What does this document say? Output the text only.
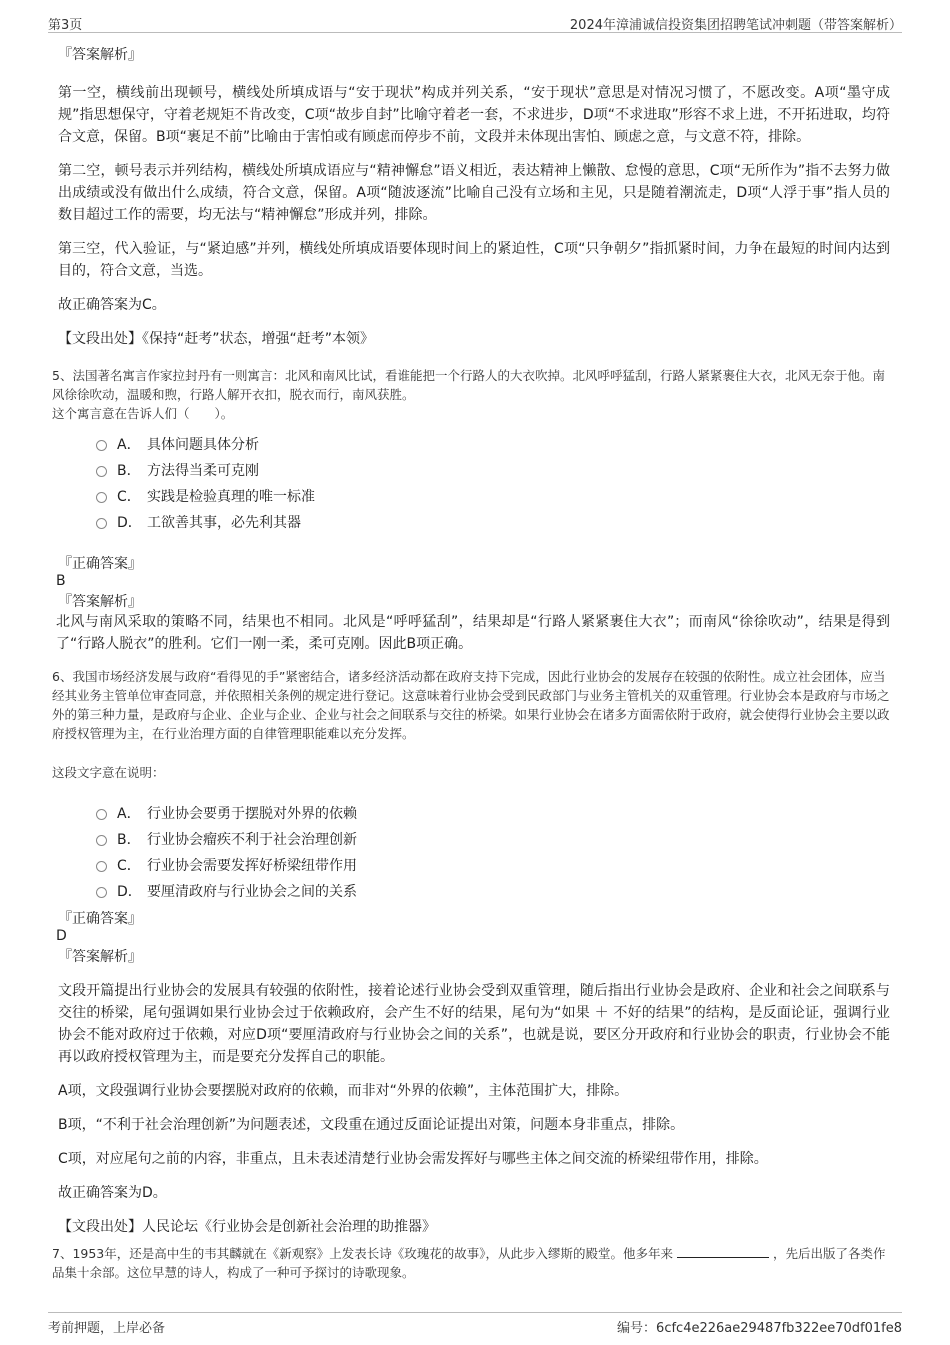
第3页	2024年漳浦诚信投资集团招聘笔试冲刺题（带答案解析）
『答案解析』

第一空，横线前出现顿号，横线处所填成语与“安于现状”构成并列关系，“安于现状”意思是对情况习惯了，不愿改变。A项“墨守成规”指思想保守，守着老规矩不肯改变，C项“故步自封”比喻守着老一套，不求进步，D项“不求进取”形容不求上进，不开拓进取，均符合文意，保留。B项“裹足不前”比喻由于害怕或有顾虑而停步不前，文段并未体现出害怕、顾虑之意，与文意不符，排除。

第二空，顿号表示并列结构，横线处所填成语应与“精神懈怠”语义相近，表达精神上懒散、怠慢的意思，C项“无所作为”指不去努力做出成绩或没有做出什么成绩，符合文意，保留。A项“随波逐流”比喻自己没有立场和主见，只是随着潮流走，D项“人浮于事”指人员的数目超过工作的需要，均无法与“精神懈怠”形成并列，排除。

第三空，代入验证，与“紧迫感”并列，横线处所填成语要体现时间上的紧迫性，C项“只争朝夕”指抓紧时间，力争在最短的时间内达到目的，符合文意，当选。

故正确答案为C。

【文段出处】《保持“赶考”状态，增强“赶考”本领》
5、法国著名寓言作家拉封丹有一则寓言：北风和南风比试，看谁能把一个行路人的大衣吹掉。北风呼呼猛刮，行路人紧紧裹住大衣，北风无奈于他。南风徐徐吹动，温暖和煦，行路人解开衣扣，脱衣而行，南风获胜。
这个寓言意在告诉人们（　　）。
A． 具体问题具体分析
B． 方法得当柔可克刚
C． 实践是检验真理的唯一标准
D． 工欲善其事，必先利其器
『正确答案』
B
『答案解析』

北风与南风采取的策略不同，结果也不相同。北风是“呼呼猛刮”，结果却是“行路人紧紧裹住大衣”；而南风“徐徐吹动”，结果是得到了“行路人脱衣”的胜利。它们一刚一柔，柔可克刚。因此B项正确。

6、我国市场经济发展与政府“看得见的手”紧密结合，诸多经济活动都在政府支持下完成，因此行业协会的发展存在较强的依附性。成立社会团体，应当经其业务主管单位审查同意，并依照相关条例的规定进行登记。这意味着行业协会受到民政部门与业务主管机关的双重管理。行业协会本是政府与市场之外的第三种力量，是政府与企业、企业与企业、企业与社会之间联系与交往的桥梁。如果行业协会在诸多方面需依附于政府，就会使得行业协会主要以政府授权管理为主，在行业治理方面的自律管理职能难以充分发挥。
这段文字意在说明：
A． 行业协会要勇于摆脱对外界的依赖
B． 行业协会瘤疾不利于社会治理创新
C． 行业协会需要发挥好桥梁纽带作用
D． 要厘清政府与行业协会之间的关系
『正确答案』
D
『答案解析』

文段开篇提出行业协会的发展具有较强的依附性，接着论述行业协会受到双重管理，随后指出行业协会是政府、企业和社会之间联系与交往的桥梁，尾句强调如果行业协会过于依赖政府，会产生不好的结果，尾句为“如果 ＋ 不好的结果”的结构，是反面论证，强调行业协会不能对政府过于依赖，对应D项“要厘清政府与行业协会之间的关系”，也就是说，要区分开政府和行业协会的职责，行业协会不能再以政府授权管理为主，而是要充分发挥自己的职能。

A项，文段强调行业协会要摆脱对政府的依赖，而非对“外界的依赖”，主体范围扩大，排除。

B项，“不利于社会治理创新”为问题表述，文段重在通过反面论证提出对策，问题本身非重点，排除。

C项，对应尾句之前的内容，非重点，且未表述清楚行业协会需发挥好与哪些主体之间交流的桥梁纽带作用，排除。

故正确答案为D。

【文段出处】人民论坛《行业协会是创新社会治理的助推器》
7、1953年，还是高中生的韦其麟就在《新观察》上发表长诗《玫瑰花的故事》，从此步入缪斯的殿堂。他多年来	，先后出版了各类作品集十余部。这位早慧的诗人，构成了一种可予探讨的诗歌现象。
考前押题，上岸必备	编号：6cfc4e226ae29487fb322ee70df01fe8
